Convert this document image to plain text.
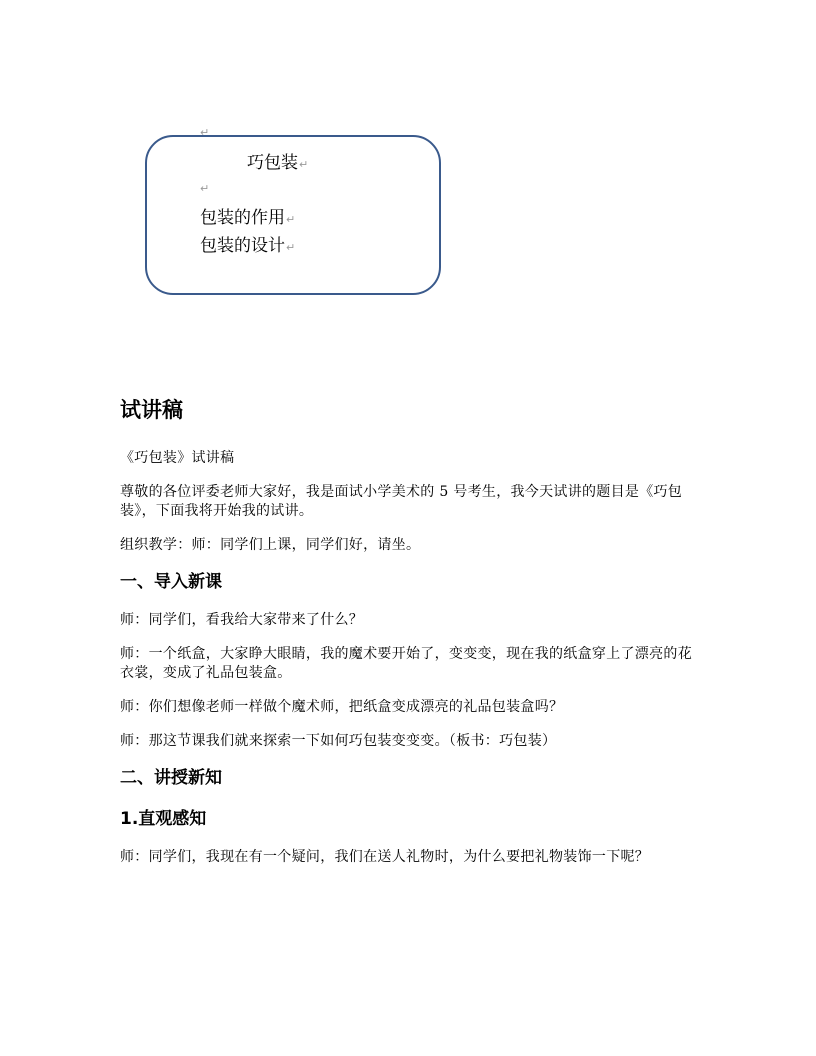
↵
巧包装↵
↵
包装的作用↵
包装的设计↵
试讲稿

《巧包装》试讲稿

尊敬的各位评委老师大家好，我是面试小学美术的 5 号考生，我今天试讲的题目是《巧包装》，下面我将开始我的试讲。

组织教学：师：同学们上课，同学们好，请坐。

一、导入新课

师：同学们，看我给大家带来了什么？

师：一个纸盒，大家睁大眼睛，我的魔术要开始了，变变变，现在我的纸盒穿上了漂亮的花衣裳，变成了礼品包装盒。

师：你们想像老师一样做个魔术师，把纸盒变成漂亮的礼品包装盒吗？

师：那这节课我们就来探索一下如何巧包装变变变。（板书：巧包装）

二、讲授新知
1.直观感知

师：同学们，我现在有一个疑问，我们在送人礼物时，为什么要把礼物装饰一下呢？
